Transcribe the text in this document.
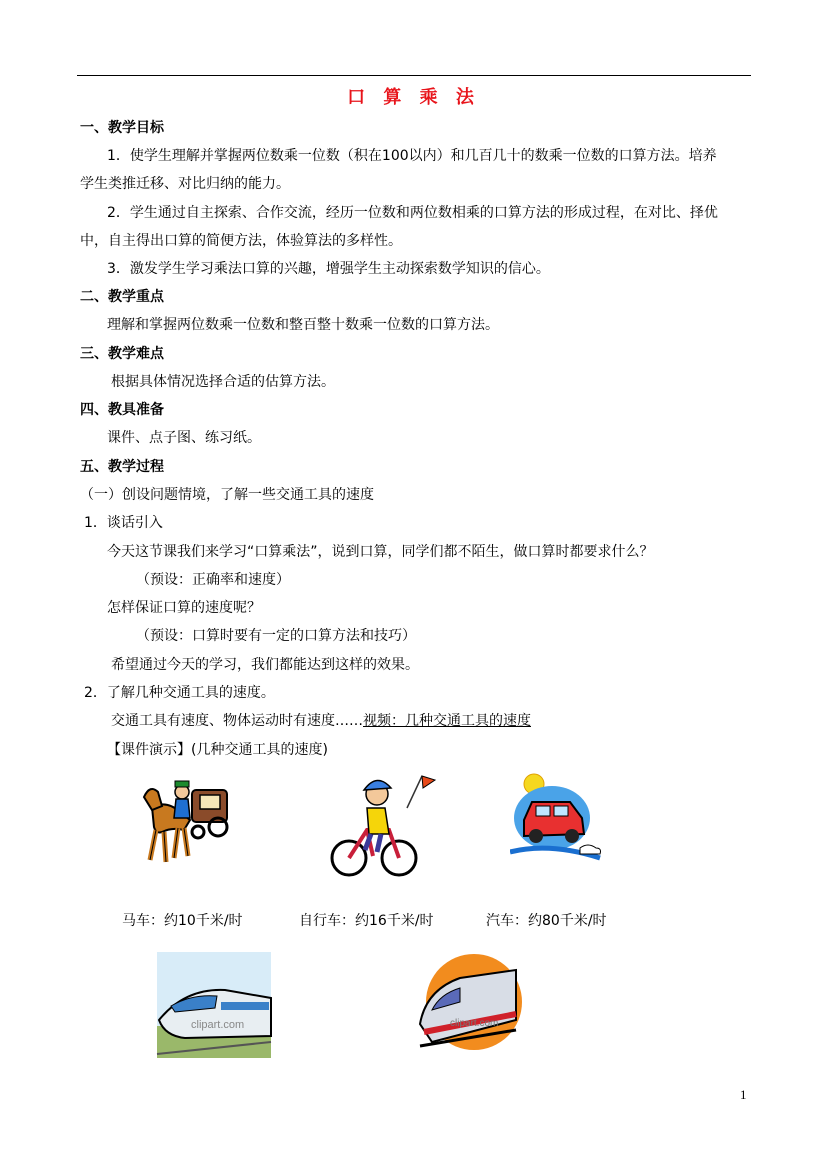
口 算 乘 法
一、教学目标
1．使学生理解并掌握两位数乘一位数（积在100以内）和几百几十的数乘一位数的口算方法。培养
学生类推迁移、对比归纳的能力。
2．学生通过自主探索、合作交流，经历一位数和两位数相乘的口算方法的形成过程，在对比、择优
中，自主得出口算的简便方法，体验算法的多样性。
3．激发学生学习乘法口算的兴趣，增强学生主动探索数学知识的信心。
二、教学重点
理解和掌握两位数乘一位数和整百整十数乘一位数的口算方法。
三、教学难点
根据具体情况选择合适的估算方法。
四、教具准备
课件、点子图、练习纸。
五、教学过程
（一）创设问题情境，了解一些交通工具的速度
1．谈话引入
今天这节课我们来学习“口算乘法”，说到口算，同学们都不陌生，做口算时都要求什么？
（预设：正确率和速度）
怎样保证口算的速度呢？
（预设：口算时要有一定的口算方法和技巧）
希望通过今天的学习，我们都能达到这样的效果。
2．了解几种交通工具的速度。
交通工具有速度、物体运动时有速度……视频：几种交通工具的速度
【课件演示】(几种交通工具的速度)
马车：约10千米/时	自行车：约16千米/时	汽车：约80千米/时
clipart.com	clipart.com
1
